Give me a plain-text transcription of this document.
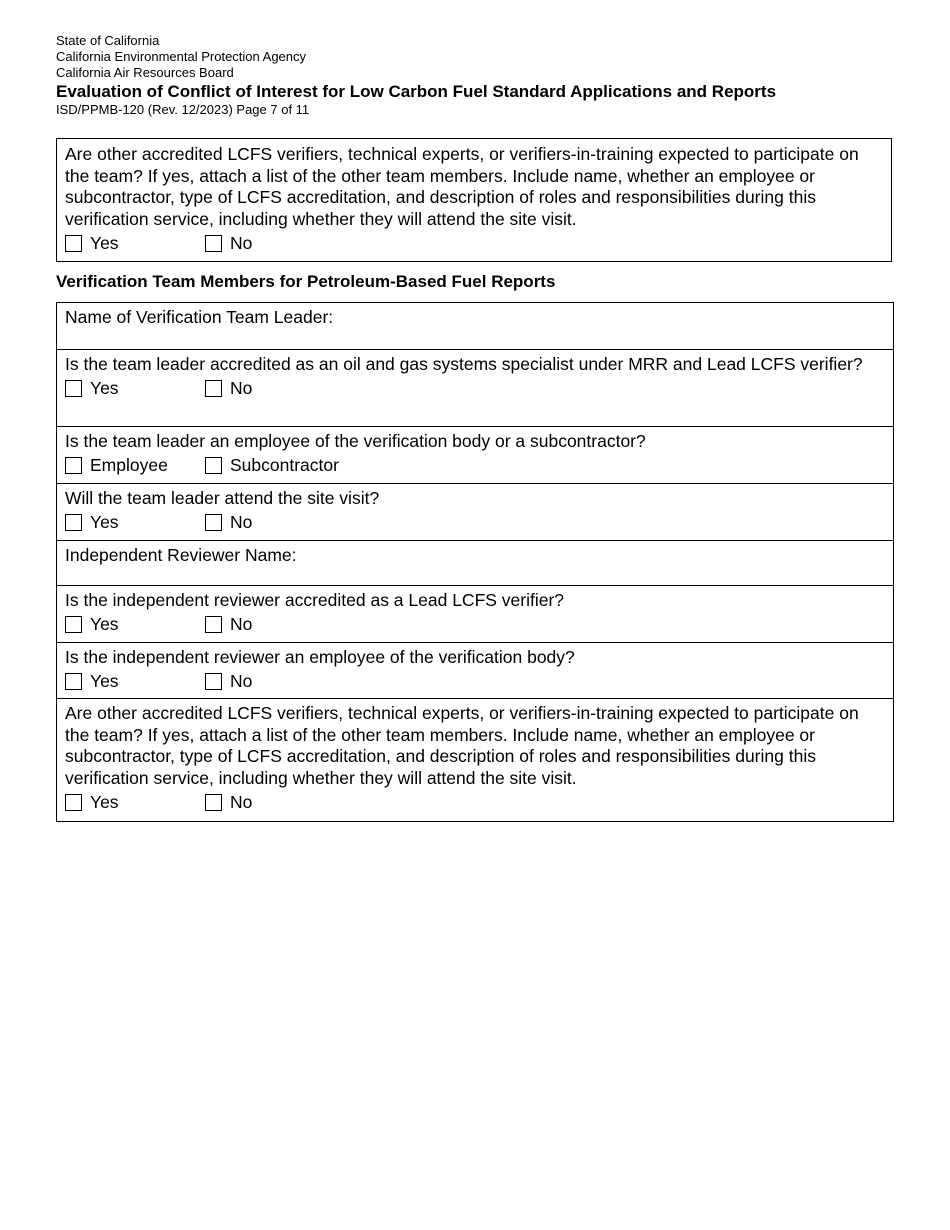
State of California
California Environmental Protection Agency
California Air Resources Board
Evaluation of Conflict of Interest for Low Carbon Fuel Standard Applications and Reports
ISD/PPMB-120 (Rev. 12/2023) Page 7 of 11
Are other accredited LCFS verifiers, technical experts, or verifiers-in-training expected to participate on the team? If yes, attach a list of the other team members. Include name, whether an employee or subcontractor, type of LCFS accreditation, and description of roles and responsibilities during this verification service, including whether they will attend the site visit.
Yes	No
Verification Team Members for Petroleum-Based Fuel Reports
Name of Verification Team Leader:
Is the team leader accredited as an oil and gas systems specialist under MRR and Lead LCFS verifier?
Yes	No
Is the team leader an employee of the verification body or a subcontractor?
Employee	Subcontractor
Will the team leader attend the site visit?
Yes	No
Independent Reviewer Name:
Is the independent reviewer accredited as a Lead LCFS verifier?
Yes	No
Is the independent reviewer an employee of the verification body?
Yes	No
Are other accredited LCFS verifiers, technical experts, or verifiers-in-training expected to participate on the team? If yes, attach a list of the other team members. Include name, whether an employee or subcontractor, type of LCFS accreditation, and description of roles and responsibilities during this verification service, including whether they will attend the site visit.
Yes	No
